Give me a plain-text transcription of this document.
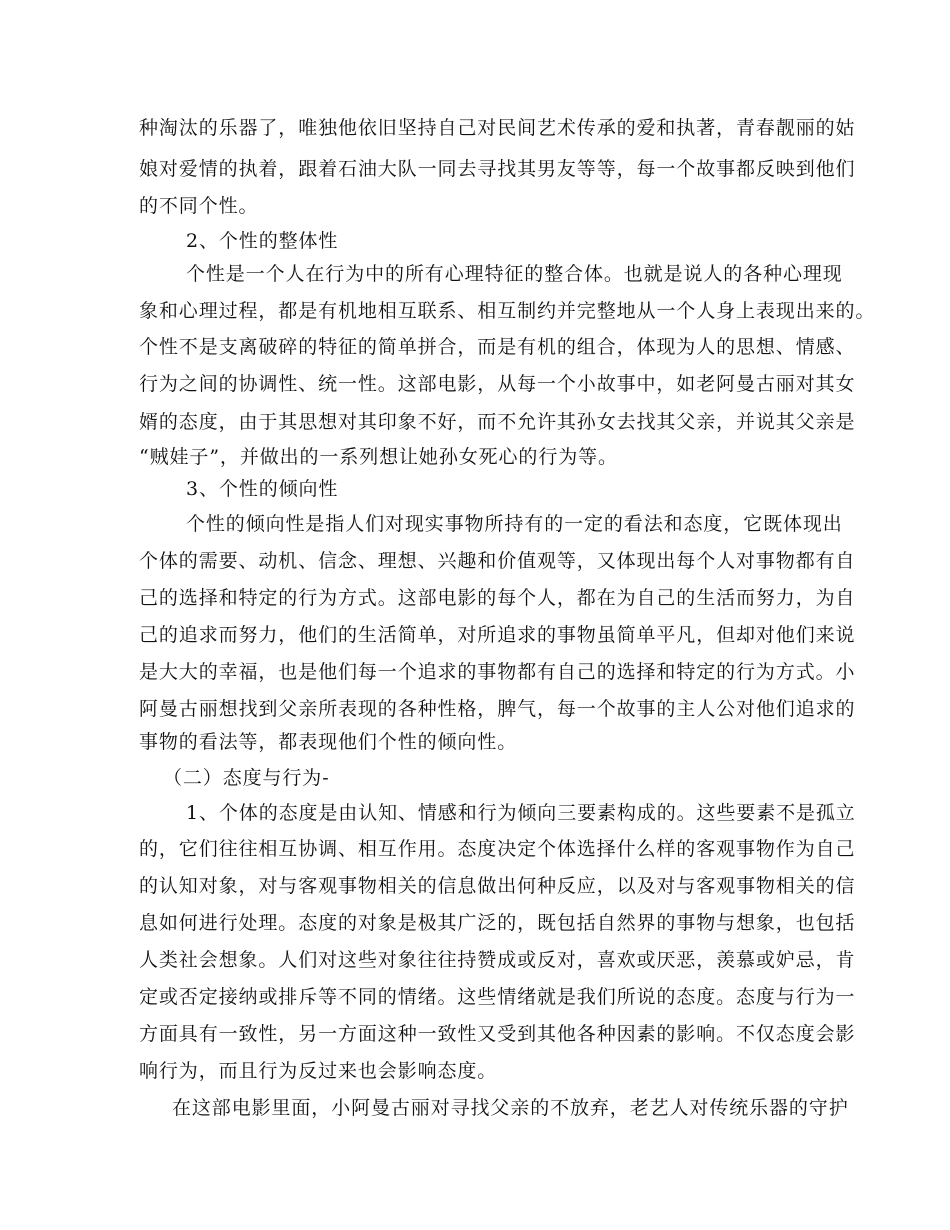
种淘汰的乐器了，唯独他依旧坚持自己对民间艺术传承的爱和执著，青春靓丽的姑
娘对爱情的执着，跟着石油大队一同去寻找其男友等等，每一个故事都反映到他们
的不同个性。
2、个性的整体性
个性是一个人在行为中的所有心理特征的整合体。也就是说人的各种心理现
象和心理过程，都是有机地相互联系、相互制约并完整地从一个人身上表现出来的。
个性不是支离破碎的特征的简单拼合，而是有机的组合，体现为人的思想、情感、
行为之间的协调性、统一性。这部电影，从每一个小故事中，如老阿曼古丽对其女
婿的态度，由于其思想对其印象不好，而不允许其孙女去找其父亲，并说其父亲是
“贼娃子”，并做出的一系列想让她孙女死心的行为等。
3、个性的倾向性
个性的倾向性是指人们对现实事物所持有的一定的看法和态度，它既体现出
个体的需要、动机、信念、理想、兴趣和价值观等，又体现出每个人对事物都有自
己的选择和特定的行为方式。这部电影的每个人，都在为自己的生活而努力，为自
己的追求而努力，他们的生活简单，对所追求的事物虽简单平凡，但却对他们来说
是大大的幸福，也是他们每一个追求的事物都有自己的选择和特定的行为方式。小
阿曼古丽想找到父亲所表现的各种性格，脾气，每一个故事的主人公对他们追求的
事物的看法等，都表现他们个性的倾向性。
（二）态度与行为-
1、个体的态度是由认知、情感和行为倾向三要素构成的。这些要素不是孤立
的，它们往往相互协调、相互作用。态度决定个体选择什么样的客观事物作为自己
的认知对象，对与客观事物相关的信息做出何种反应，以及对与客观事物相关的信
息如何进行处理。态度的对象是极其广泛的，既包括自然界的事物与想象，也包括
人类社会想象。人们对这些对象往往持赞成或反对，喜欢或厌恶，羡慕或妒忌，肯
定或否定接纳或排斥等不同的情绪。这些情绪就是我们所说的态度。态度与行为一
方面具有一致性，另一方面这种一致性又受到其他各种因素的影响。不仅态度会影
响行为，而且行为反过来也会影响态度。
在这部电影里面，小阿曼古丽对寻找父亲的不放弃，老艺人对传统乐器的守护
